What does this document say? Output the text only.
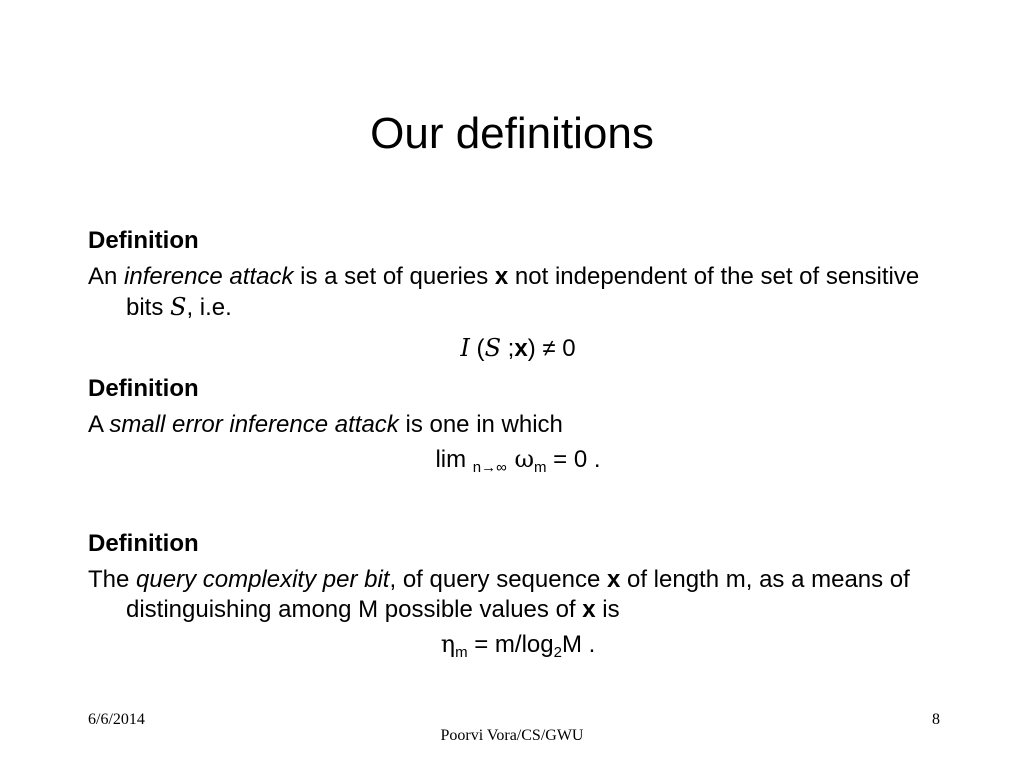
Our definitions

Definition

An inference attack is a set of queries x not independent of the set of sensitive bits S, i.e.

I (S ;x) ≠ 0

Definition

A small error inference attack is one in which

lim $_{n\to\infty}$ $\omega_m = 0$ .

Definition

The query complexity per bit, of query sequence x of length m, as a means of distinguishing among M possible values of x is

$\eta_m = m/\log_2M$ .

6/6/2014
Poorvi Vora/CS/GWU
8
